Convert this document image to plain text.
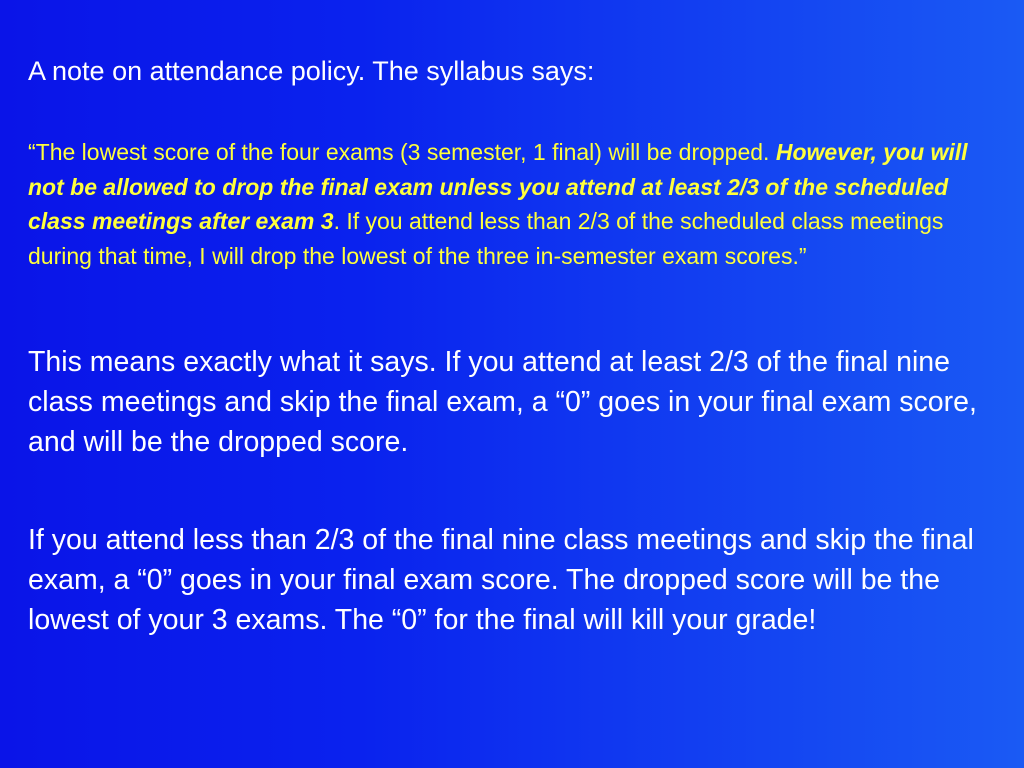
A note on attendance policy. The syllabus says:
“The lowest score of the four exams (3 semester, 1 final) will be dropped. However, you will not be allowed to drop the final exam unless you attend at least 2/3 of the scheduled class meetings after exam 3. If you attend less than 2/3 of the scheduled class meetings during that time, I will drop the lowest of the three in-semester exam scores.”
This means exactly what it says. If you attend at least 2/3 of the final nine class meetings and skip the final exam, a “0” goes in your final exam score, and will be the dropped score.
If you attend less than 2/3 of the final nine class meetings and skip the final exam, a “0” goes in your final exam score. The dropped score will be the lowest of your 3 exams. The “0” for the final will kill your grade!
